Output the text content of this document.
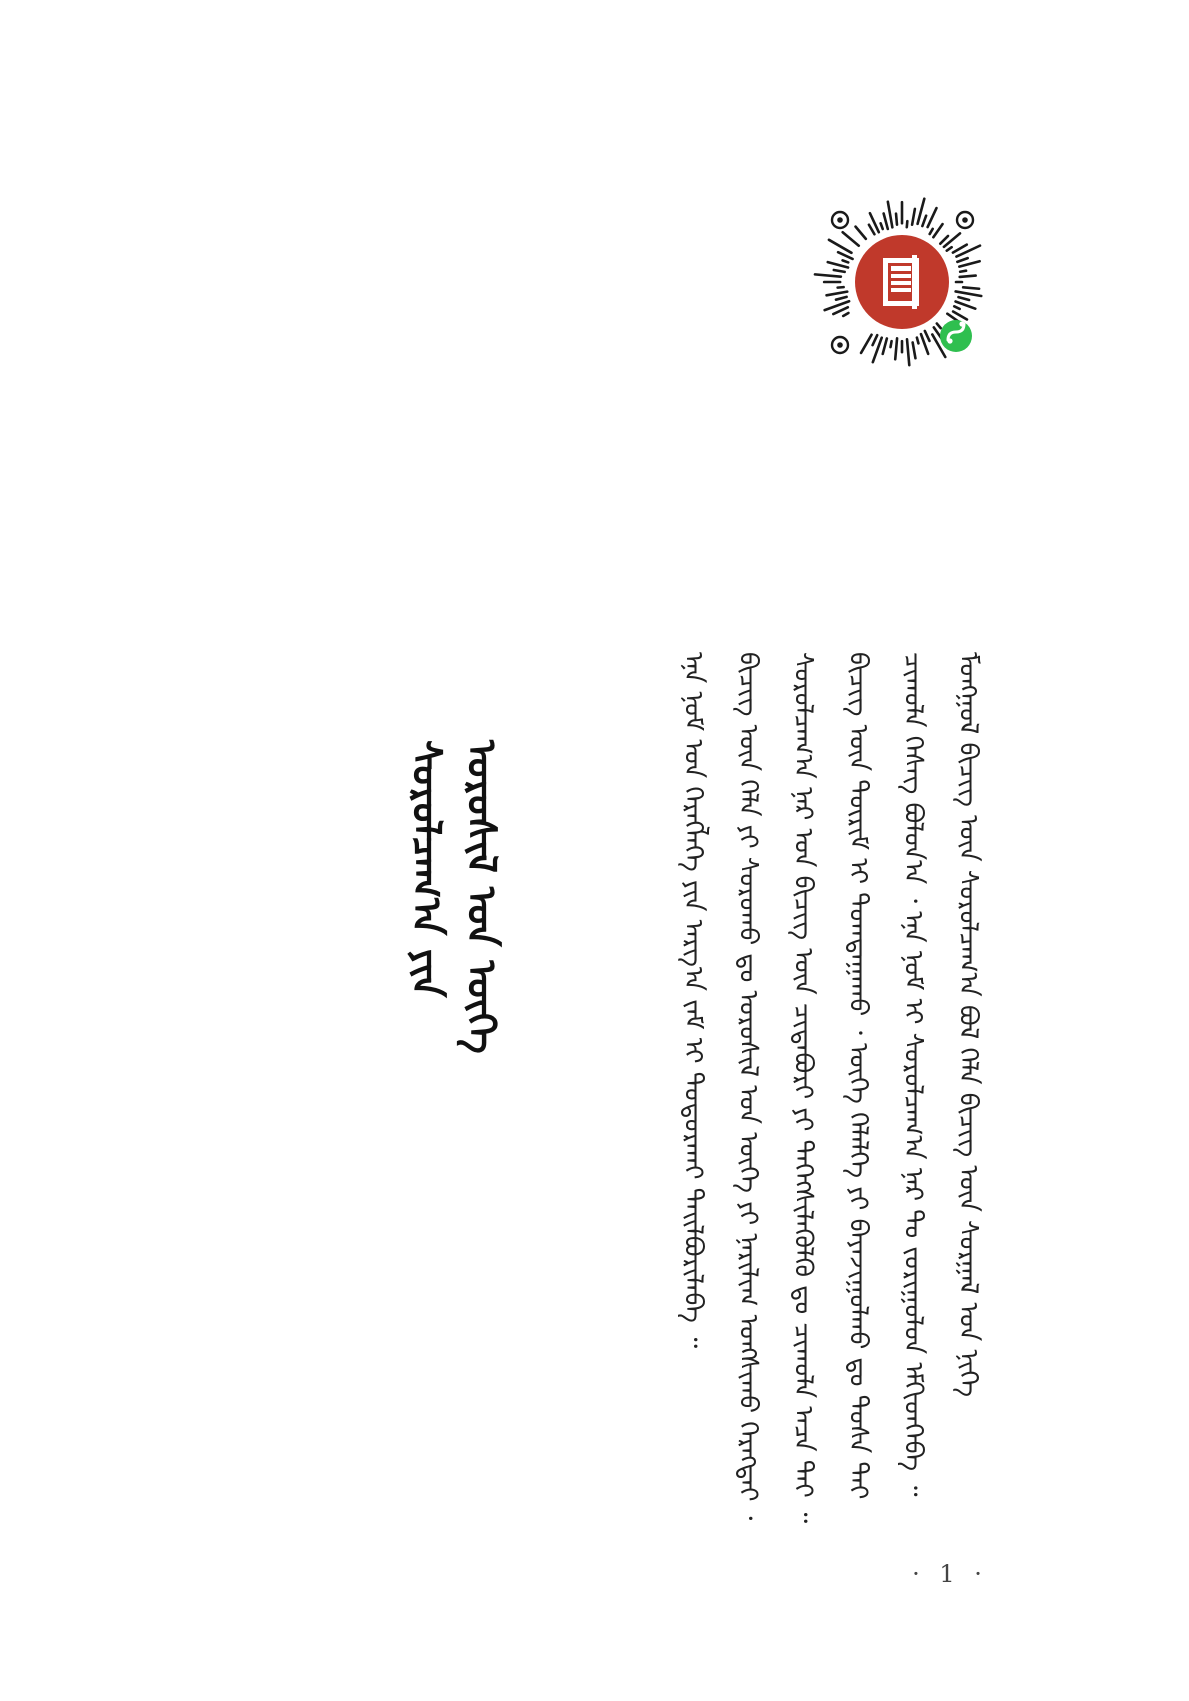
ᠣᠷᠣᠰᠢᠯ ᠤᠨ ᠦᠭᠡ
ᠰᠤᠷᠤᠯᠴᠠᠭ᠎ᠠ ᠶᠢᠨ	ᠮᠣᠩᠭᠣᠯ ᠪᠢᠴᠢᠭ ᠦᠨ ᠰᠤᠷᠤᠯᠴᠠᠭ᠎ᠠ ᠪᠣᠯ ᠬᠡᠯᠡ ᠪᠢᠴᠢᠭ ᠦᠨ ᠰᠤᠷᠭᠠᠯ ᠤᠨ ᠨᠢᠭᠡ
ᠴᠢᠬᠤᠯᠠ ᠬᠡᠰᠡᠭ ᠪᠣᠯᠤᠨ᠎ᠠ ᠂ ᠡᠨᠡ ᠨᠣᠮ ᠢ ᠰᠤᠷᠤᠯᠴᠠᠭ᠎ᠠ ᠨᠠᠷ ᠲᠤ ᠵᠣᠷᠢᠭᠤᠯᠤᠨ ᠡᠮᠬᠢᠳᠬᠡᠪᠡ ᠃
ᠪᠢᠴᠢᠭ ᠦᠨ ᠳᠦᠷᠢᠮ ᠢ ᠲᠣᠭᠲᠠᠭᠠᠬᠤ ᠂ ᠦᠭᠡ ᠬᠡᠯᠡᠯᠭᠡ ᠶᠢ ᠪᠠᠶᠠᠵᠢᠭᠤᠯᠬᠤ ᠳᠤ ᠲᠤᠰᠠ ᠲᠠᠢ
ᠰᠤᠷᠤᠯᠴᠠᠭ᠎ᠠ ᠨᠠᠷ ᠤᠨ ᠪᠢᠴᠢᠭ ᠦᠨ ᠴᠢᠳᠠᠪᠤᠷᠢ ᠶᠢ ᠳᠡᠭᠡᠭᠰᠢᠯᠡᠭᠦᠯᠬᠦ ᠳᠤ ᠴᠢᠬᠤᠯᠠ ᠠᠴᠠ ᠲᠠᠢ ᠃
ᠪᠢᠴᠢᠭ ᠦᠨ ᠬᠡᠯᠡ ᠶᠢ ᠰᠤᠷᠤᠬᠤ ᠳᠤ ᠣᠷᠣᠰᠢᠯ ᠤᠨ ᠦᠭᠡ ᠶᠢ ᠨᠠᠷᠢᠯᠢᠭ ᠤᠩᠰᠢᠬᠤ ᠬᠡᠷᠡᠭᠲᠡᠢ ᠂
ᠡᠨᠡ ᠨᠣᠮ ᠤᠨ ᠬᠡᠷᠡᠭᠯᠡᠭᠡ ᠶᠢᠨ ᠠᠷᠭ᠎ᠠ ᠵᠠᠮ ᠢ ᠲᠣᠳᠣᠷᠬᠠᠢ ᠲᠠᠢᠯᠪᠤᠷᠢᠯᠠᠪᠠ ᠃
· 1 ·
